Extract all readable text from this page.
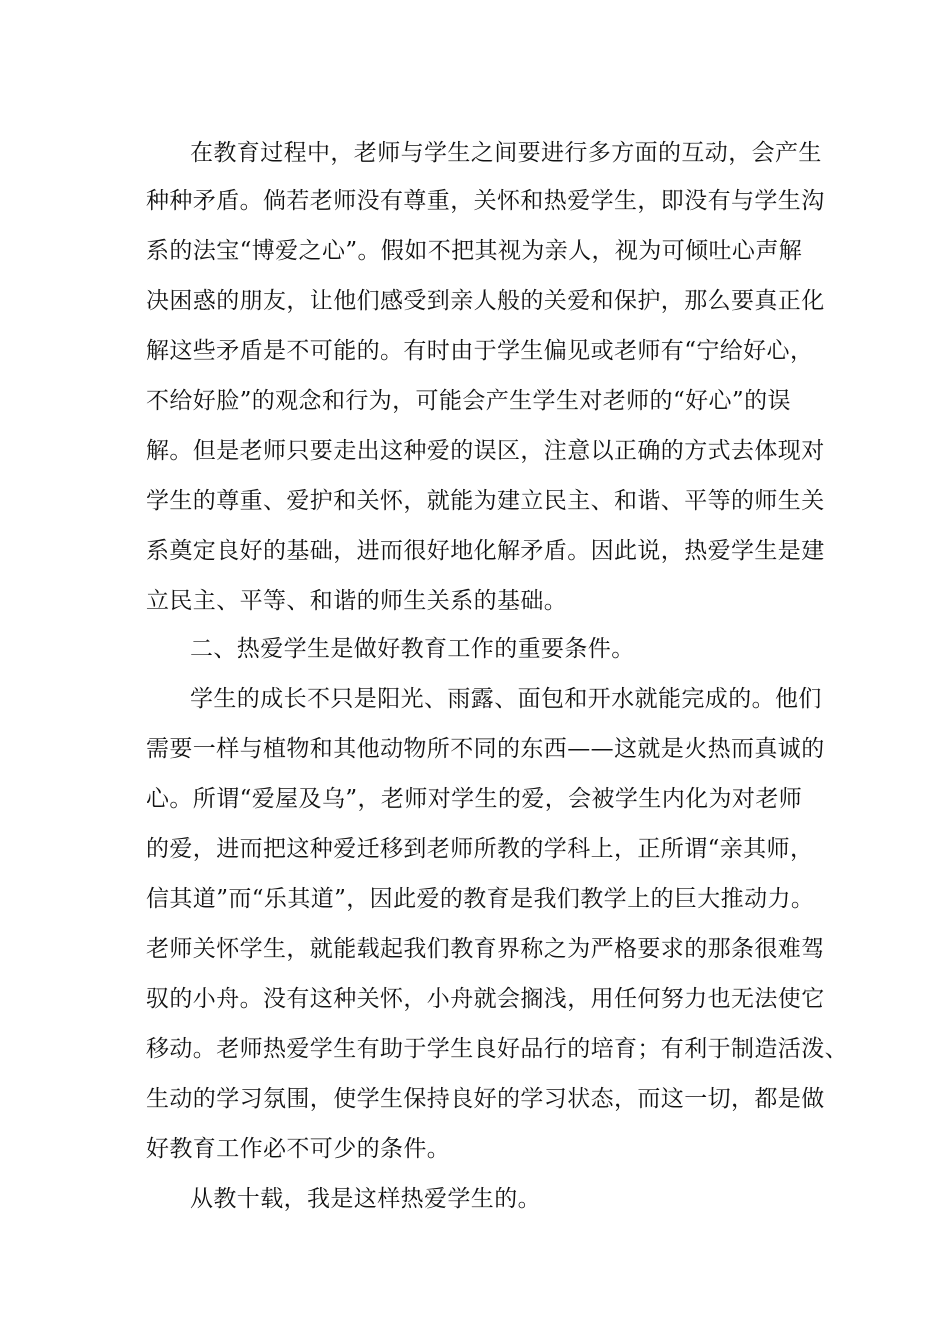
在教育过程中，老师与学生之间要进行多方面的互动，会产生
种种矛盾。倘若老师没有尊重，关怀和热爱学生，即没有与学生沟
系的法宝“博爱之心”。假如不把其视为亲人，视为可倾吐心声解
决困惑的朋友，让他们感受到亲人般的关爱和保护，那么要真正化
解这些矛盾是不可能的。有时由于学生偏见或老师有“宁给好心，
不给好脸”的观念和行为，可能会产生学生对老师的“好心”的误
解。但是老师只要走出这种爱的误区，注意以正确的方式去体现对
学生的尊重、爱护和关怀，就能为建立民主、和谐、平等的师生关
系奠定良好的基础，进而很好地化解矛盾。因此说，热爱学生是建
立民主、平等、和谐的师生关系的基础。
二、热爱学生是做好教育工作的重要条件。
学生的成长不只是阳光、雨露、面包和开水就能完成的。他们
需要一样与植物和其他动物所不同的东西——这就是火热而真诚的
心。所谓“爱屋及乌”，老师对学生的爱，会被学生内化为对老师
的爱，进而把这种爱迁移到老师所教的学科上，正所谓“亲其师，
信其道”而“乐其道”，因此爱的教育是我们教学上的巨大推动力。
老师关怀学生，就能载起我们教育界称之为严格要求的那条很难驾
驭的小舟。没有这种关怀，小舟就会搁浅，用任何努力也无法使它
移动。老师热爱学生有助于学生良好品行的培育；有利于制造活泼、
生动的学习氛围，使学生保持良好的学习状态，而这一切，都是做
好教育工作必不可少的条件。
从教十载，我是这样热爱学生的。
